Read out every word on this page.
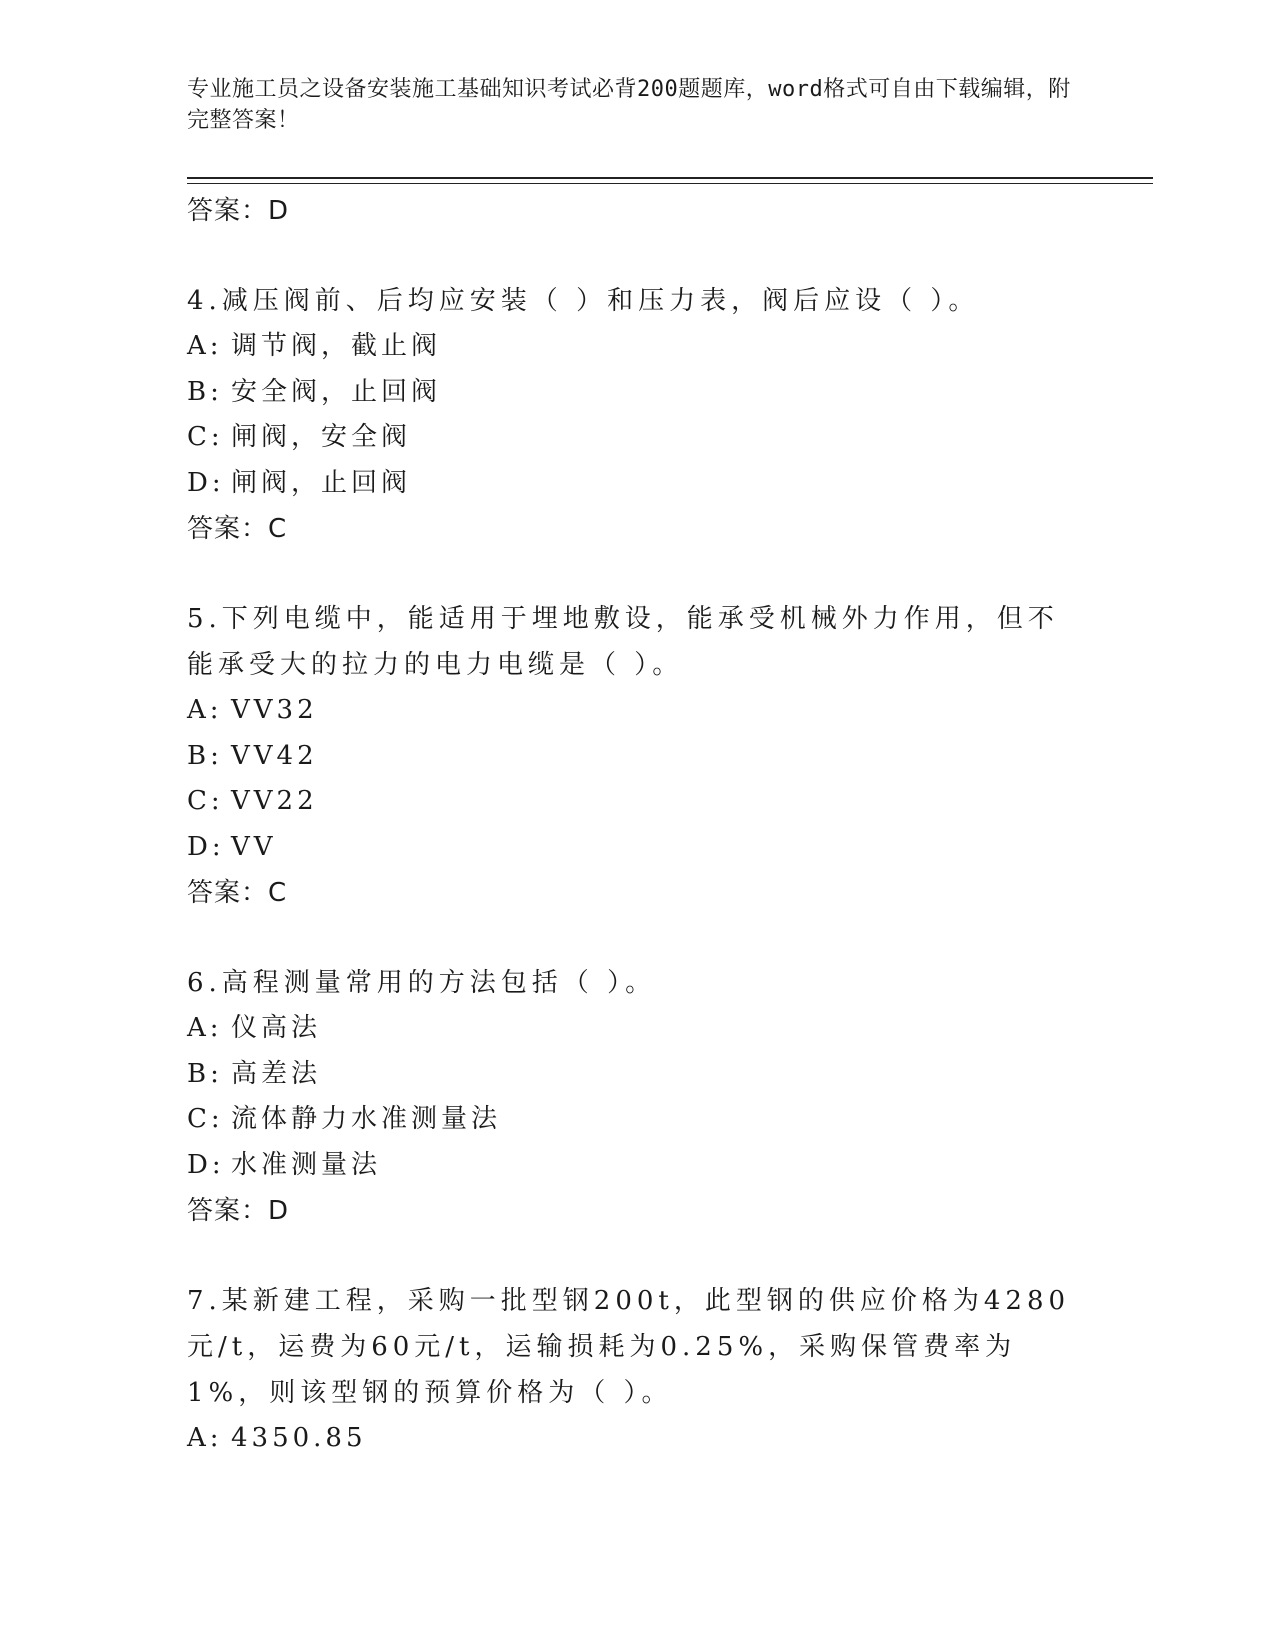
专业施工员之设备安装施工基础知识考试必背200题题库，word格式可自由下载编辑，附完整答案！
答案：D

4.减压阀前、后均应安装（ ）和压力表，阀后应设（ ）。

A: 调节阀，截止阀
B: 安全阀，止回阀
C: 闸阀，安全阀
D: 闸阀，止回阀
答案：C

5.下列电缆中，能适用于埋地敷设，能承受机械外力作用，但不能承受大的拉力的电力电缆是（ ）。

A: VV32
B: VV42
C: VV22
D: VV
答案：C

6.高程测量常用的方法包括（ ）。

A: 仪高法
B: 高差法
C: 流体静力水准测量法
D: 水准测量法
答案：D

7.某新建工程，采购一批型钢200t，此型钢的供应价格为4280元/t，运费为60元/t，运输损耗为0.25%，采购保管费率为1%，则该型钢的预算价格为（ ）。

A: 4350.85
